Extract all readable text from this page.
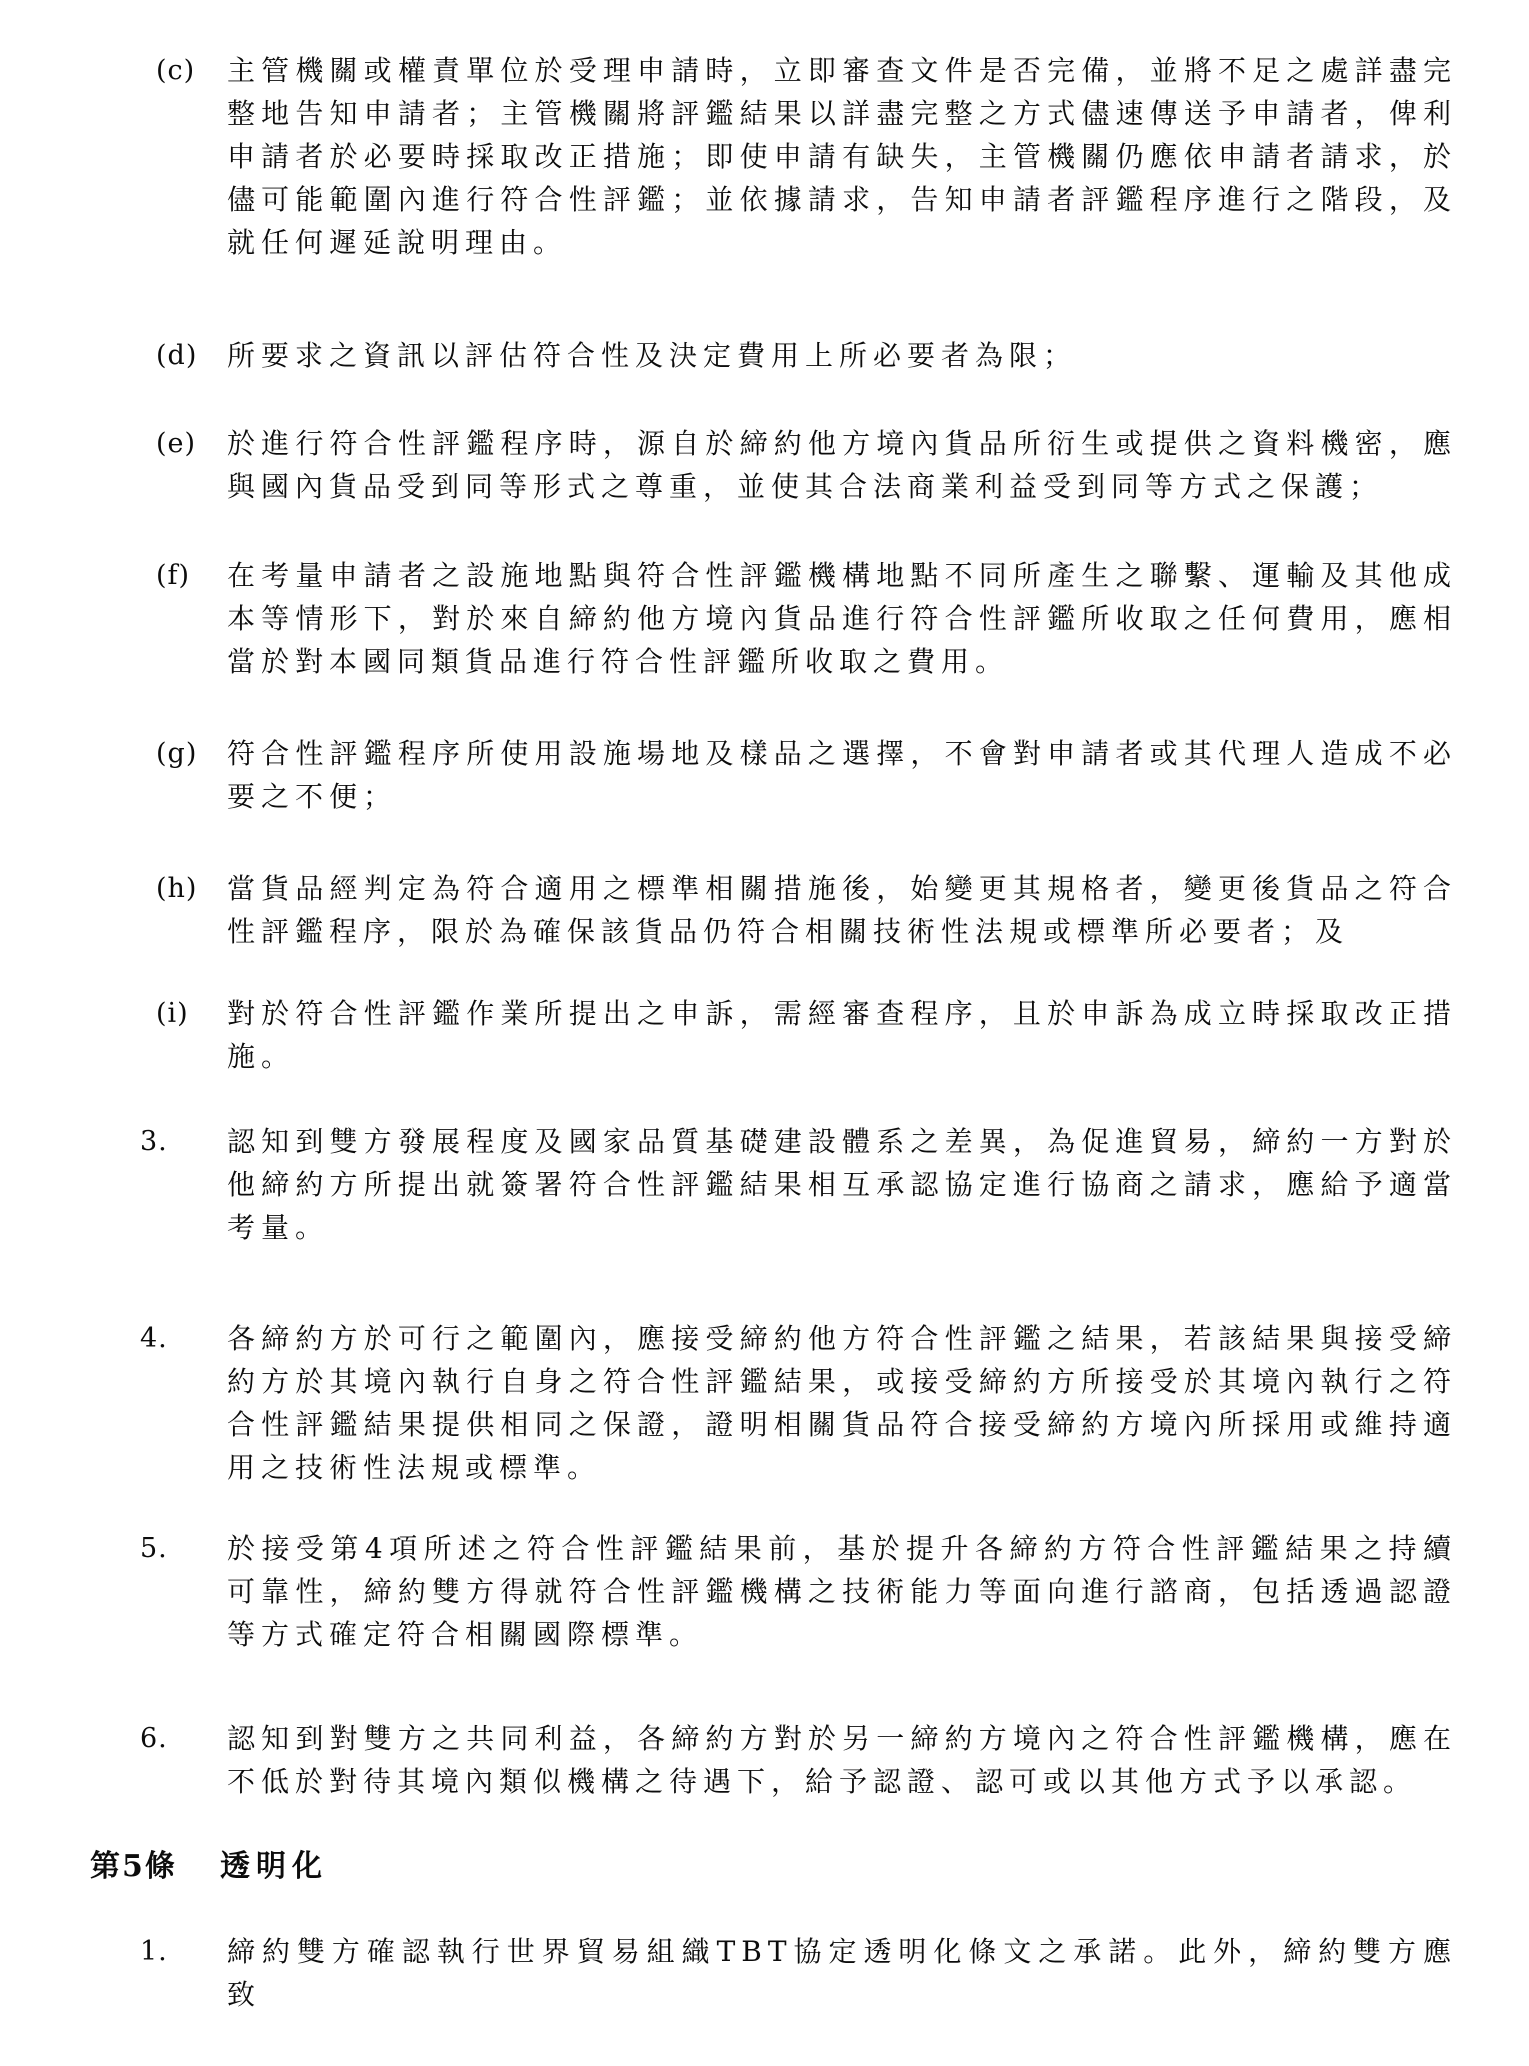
(c) 主管機關或權責單位於受理申請時，立即審查文件是否完備，並將不足之處詳盡完整地告知申請者；主管機關將評鑑結果以詳盡完整之方式儘速傳送予申請者，俾利申請者於必要時採取改正措施；即使申請有缺失，主管機關仍應依申請者請求，於儘可能範圍內進行符合性評鑑；並依據請求，告知申請者評鑑程序進行之階段，及就任何遲延說明理由。

(d) 所要求之資訊以評估符合性及決定費用上所必要者為限；

(e) 於進行符合性評鑑程序時，源自於締約他方境內貨品所衍生或提供之資料機密，應與國內貨品受到同等形式之尊重，並使其合法商業利益受到同等方式之保護；

(f) 在考量申請者之設施地點與符合性評鑑機構地點不同所產生之聯繫、運輸及其他成本等情形下，對於來自締約他方境內貨品進行符合性評鑑所收取之任何費用，應相當於對本國同類貨品進行符合性評鑑所收取之費用。

(g) 符合性評鑑程序所使用設施場地及樣品之選擇，不會對申請者或其代理人造成不必要之不便；

(h) 當貨品經判定為符合適用之標準相關措施後，始變更其規格者，變更後貨品之符合性評鑑程序，限於為確保該貨品仍符合相關技術性法規或標準所必要者；及

(i) 對於符合性評鑑作業所提出之申訴，需經審查程序，且於申訴為成立時採取改正措施。

3. 認知到雙方發展程度及國家品質基礎建設體系之差異，為促進貿易，締約一方對於他締約方所提出就簽署符合性評鑑結果相互承認協定進行協商之請求，應給予適當考量。

4. 各締約方於可行之範圍內，應接受締約他方符合性評鑑之結果，若該結果與接受締約方於其境內執行自身之符合性評鑑結果，或接受締約方所接受於其境內執行之符合性評鑑結果提供相同之保證，證明相關貨品符合接受締約方境內所採用或維持適用之技術性法規或標準。

5. 於接受第4項所述之符合性評鑑結果前，基於提升各締約方符合性評鑑結果之持續可靠性，締約雙方得就符合性評鑑機構之技術能力等面向進行諮商，包括透過認證等方式確定符合相關國際標準。

6. 認知到對雙方之共同利益，各締約方對於另一締約方境內之符合性評鑑機構，應在不低於對待其境內類似機構之待遇下，給予認證、認可或以其他方式予以承認。

第5條 透明化
1. 締約雙方確認執行世界貿易組織TBT協定透明化條文之承諾。此外，締約雙方應致
